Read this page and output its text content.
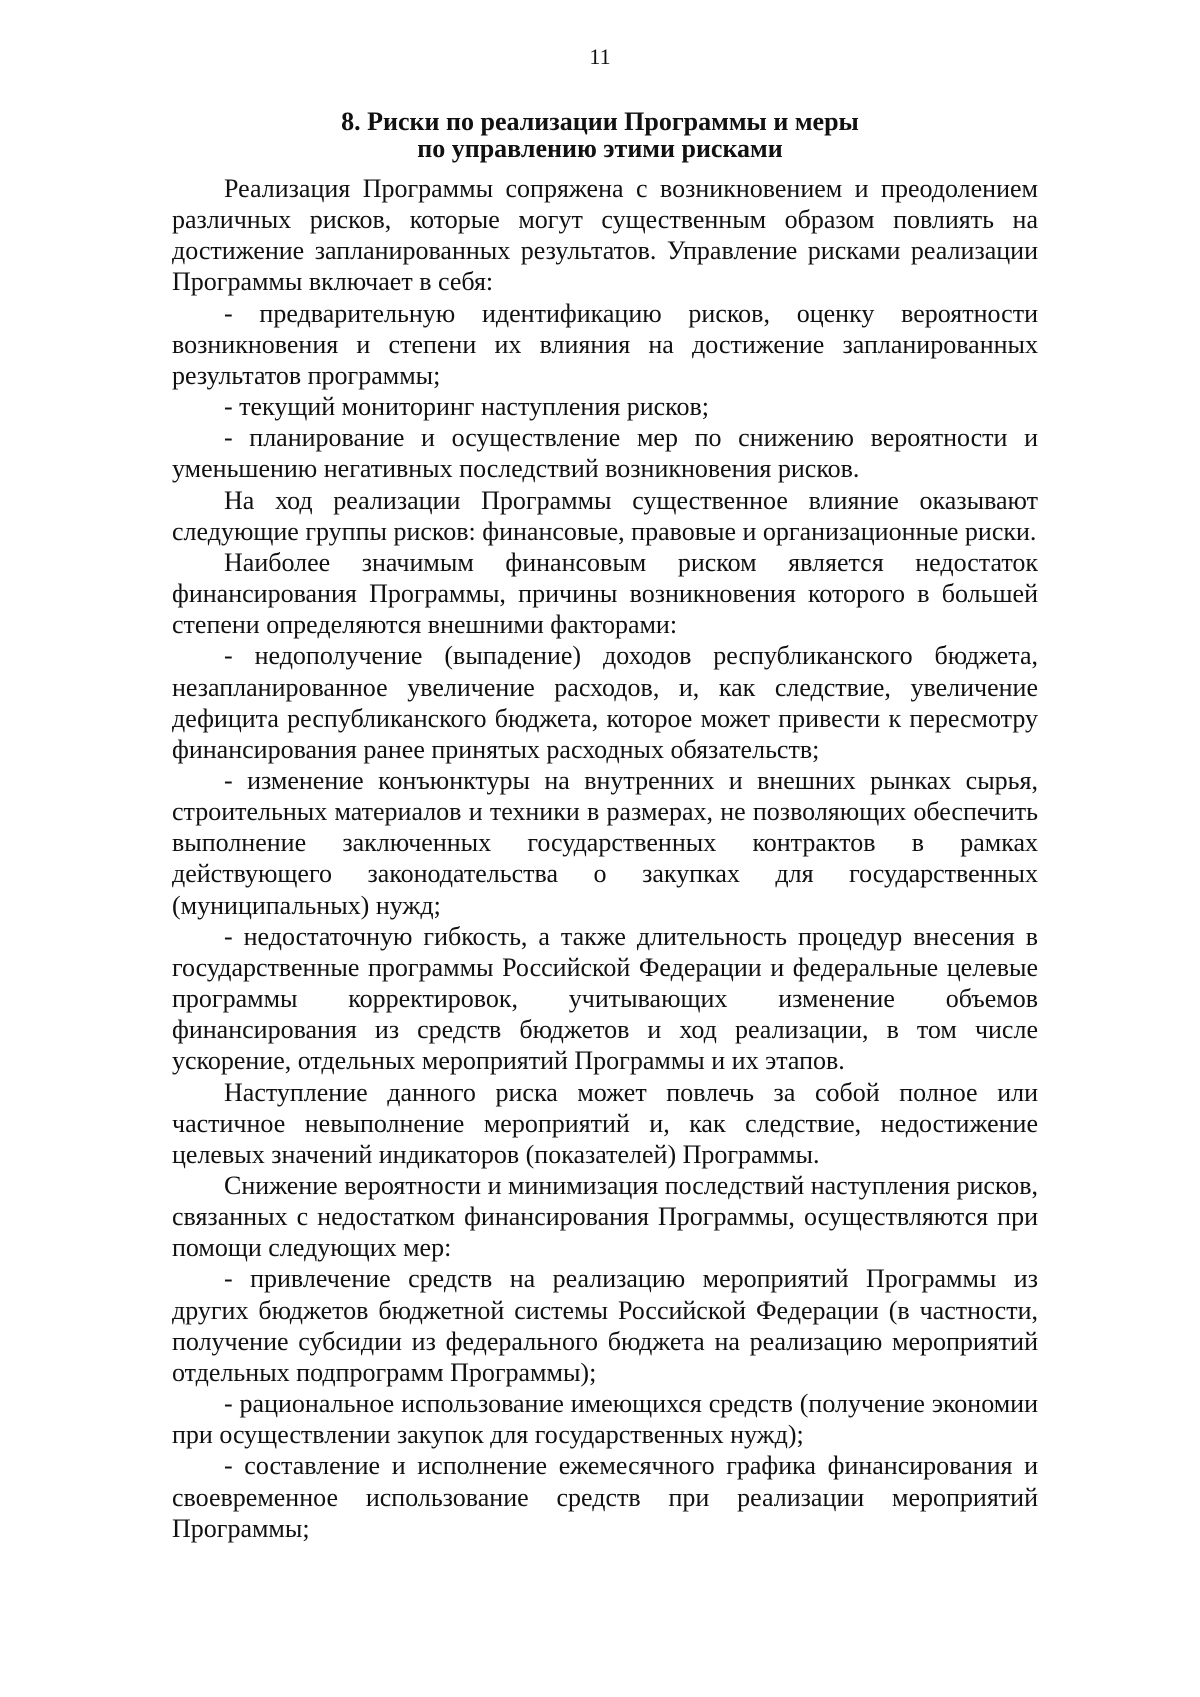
11
8. Риски по реализации Программы и меры
по управлению этими рисками

Реализация Программы сопряжена с возникновением и преодолением различных рисков, которые могут существенным образом повлиять на достижение запланированных результатов. Управление рисками реализации Программы включает в себя:

- предварительную идентификацию рисков, оценку вероятности возникновения и степени их влияния на достижение запланированных результатов программы;

- текущий мониторинг наступления рисков;

- планирование и осуществление мер по снижению вероятности и уменьшению негативных последствий возникновения рисков.

На ход реализации Программы существенное влияние оказывают следующие группы рисков: финансовые, правовые и организационные риски.

Наиболее значимым финансовым риском является недостаток финансирования Программы, причины возникновения которого в большей степени определяются внешними факторами:

- недополучение (выпадение) доходов республиканского бюджета, незапланированное увеличение расходов, и, как следствие, увеличение дефицита республиканского бюджета, которое может привести к пересмотру финансирования ранее принятых расходных обязательств;

- изменение конъюнктуры на внутренних и внешних рынках сырья, строительных материалов и техники в размерах, не позволяющих обеспечить выполнение заключенных государственных контрактов в рамках действующего законодательства о закупках для государственных (муниципальных) нужд;

- недостаточную гибкость, а также длительность процедур внесения в государственные программы Российской Федерации и федеральные целевые программы корректировок, учитывающих изменение объемов финансирования из средств бюджетов и ход реализации, в том числе ускорение, отдельных мероприятий Программы и их этапов.

Наступление данного риска может повлечь за собой полное или частичное невыполнение мероприятий и, как следствие, недостижение целевых значений индикаторов (показателей) Программы.

Снижение вероятности и минимизация последствий наступления рисков, связанных с недостатком финансирования Программы, осуществляются при помощи следующих мер:

- привлечение средств на реализацию мероприятий Программы из других бюджетов бюджетной системы Российской Федерации (в частности, получение субсидии из федерального бюджета на реализацию мероприятий отдельных подпрограмм Программы);

- рациональное использование имеющихся средств (получение экономии при осуществлении закупок для государственных нужд);

- составление и исполнение ежемесячного графика финансирования и своевременное использование средств при реализации мероприятий Программы;
